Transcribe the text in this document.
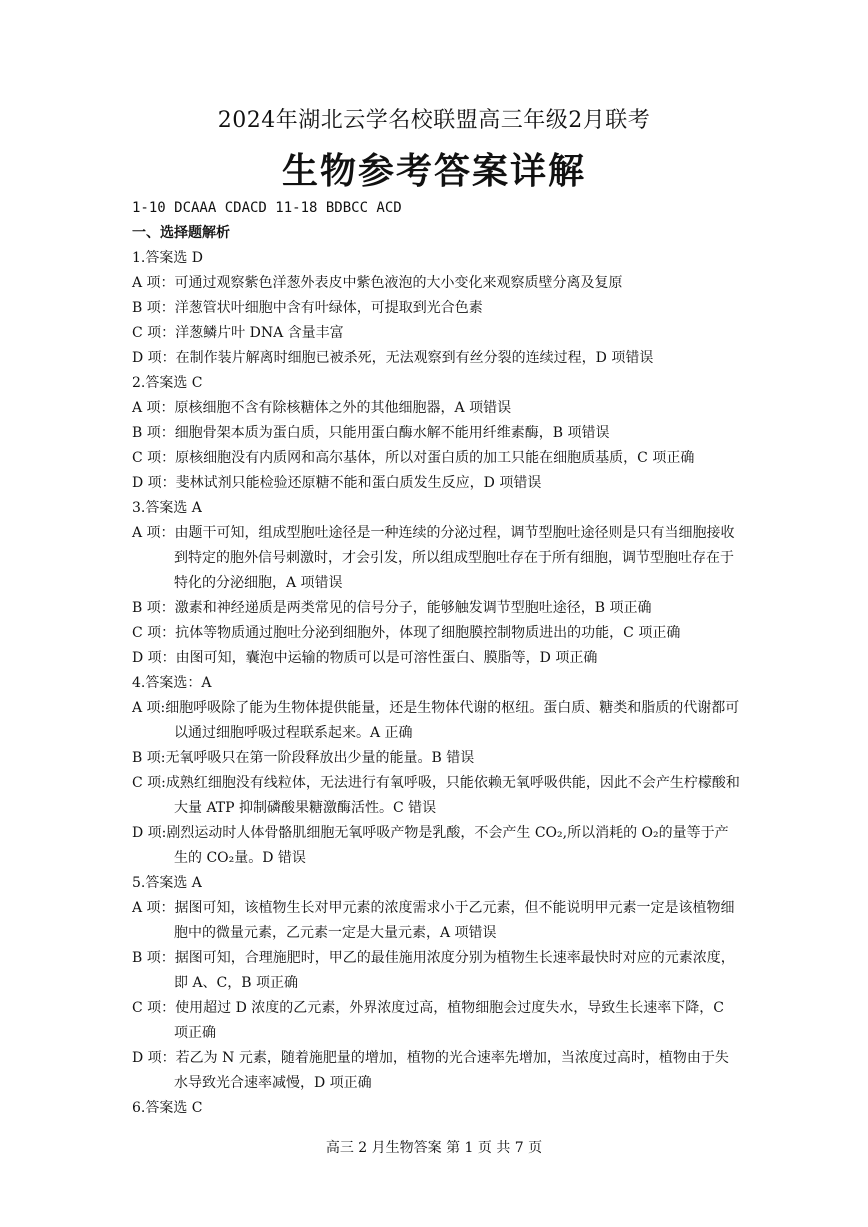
2024年湖北云学名校联盟高三年级2月联考
生物参考答案详解
1-10 DCAAA CDACD 11-18 BDBCC ACD
一、选择题解析
1.答案选 D
A 项：可通过观察紫色洋葱外表皮中紫色液泡的大小变化来观察质壁分离及复原
B 项：洋葱管状叶细胞中含有叶绿体，可提取到光合色素
C 项：洋葱鳞片叶 DNA 含量丰富
D 项：在制作装片解离时细胞已被杀死，无法观察到有丝分裂的连续过程，D 项错误
2.答案选 C
A 项：原核细胞不含有除核糖体之外的其他细胞器，A 项错误
B 项：细胞骨架本质为蛋白质，只能用蛋白酶水解不能用纤维素酶，B 项错误
C 项：原核细胞没有内质网和高尔基体，所以对蛋白质的加工只能在细胞质基质，C 项正确
D 项：斐林试剂只能检验还原糖不能和蛋白质发生反应，D 项错误
3.答案选 A
A 项：由题干可知，组成型胞吐途径是一种连续的分泌过程，调节型胞吐途径则是只有当细胞接收到特定的胞外信号刺激时，才会引发，所以组成型胞吐存在于所有细胞，调节型胞吐存在于特化的分泌细胞，A 项错误
B 项：激素和神经递质是两类常见的信号分子，能够触发调节型胞吐途径，B 项正确
C 项：抗体等物质通过胞吐分泌到细胞外，体现了细胞膜控制物质进出的功能，C 项正确
D 项：由图可知，囊泡中运输的物质可以是可溶性蛋白、膜脂等，D 项正确
4.答案选：A
A 项:细胞呼吸除了能为生物体提供能量，还是生物体代谢的枢纽。蛋白质、糖类和脂质的代谢都可以通过细胞呼吸过程联系起来。A 正确
B 项:无氧呼吸只在第一阶段释放出少量的能量。B 错误
C 项:成熟红细胞没有线粒体，无法进行有氧呼吸，只能依赖无氧呼吸供能，因此不会产生柠檬酸和大量 ATP 抑制磷酸果糖激酶活性。C 错误
D 项:剧烈运动时人体骨骼肌细胞无氧呼吸产物是乳酸，不会产生 CO₂,所以消耗的 O₂的量等于产生的 CO₂量。D 错误
5.答案选 A
A 项：据图可知，该植物生长对甲元素的浓度需求小于乙元素，但不能说明甲元素一定是该植物细胞中的微量元素，乙元素一定是大量元素，A 项错误
B 项：据图可知，合理施肥时，甲乙的最佳施用浓度分别为植物生长速率最快时对应的元素浓度，即 A、C，B 项正确
C 项：使用超过 D 浓度的乙元素，外界浓度过高，植物细胞会过度失水，导致生长速率下降，C 项正确
D 项：若乙为 N 元素，随着施肥量的增加，植物的光合速率先增加，当浓度过高时，植物由于失水导致光合速率减慢，D 项正确
6.答案选 C
高三 2 月生物答案 第 1 页 共 7 页
